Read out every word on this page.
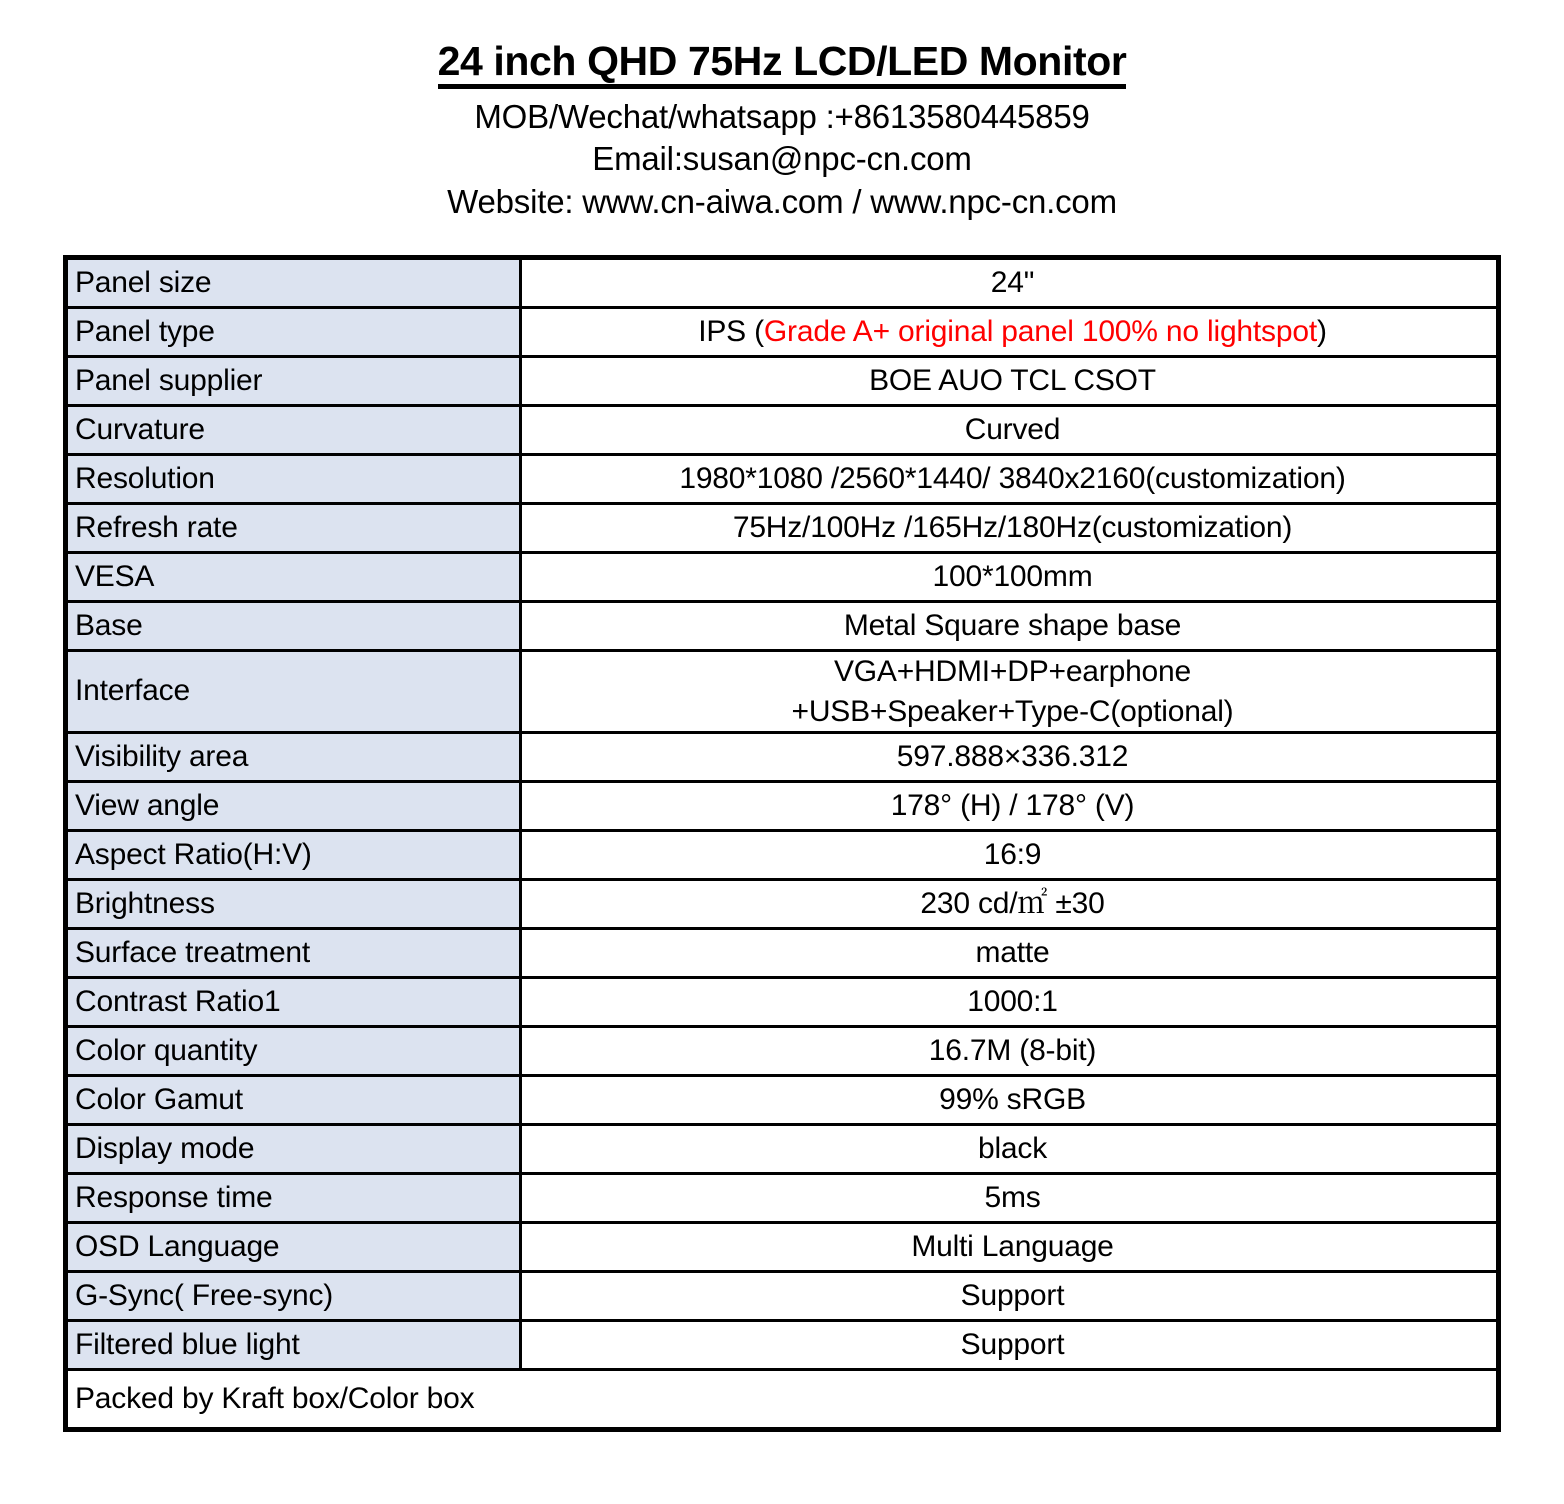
24 inch QHD 75Hz LCD/LED Monitor
MOB/Wechat/whatsapp :+8613580445859
Email:susan@npc-cn.com
Website: www.cn-aiwa.com / www.npc-cn.com
Panel size	24"
Panel type	IPS (Grade A+ original panel 100% no lightspot)
Panel supplier	BOE AUO TCL CSOT
Curvature	Curved
Resolution	1980*1080 /2560*1440/ 3840x2160(customization)
Refresh rate	75Hz/100Hz /165Hz/180Hz(customization)
VESA	100*100mm
Base	Metal Square shape base
Interface	VGA+HDMI+DP+earphone
+USB+Speaker+Type-C(optional)

Visibility area	597.888×336.312
View angle	178° (H) / 178° (V)
Aspect Ratio(H:V)	16:9
Brightness	230 cd/㎡ ±30
Surface treatment	matte
Contrast Ratio1	1000:1
Color quantity	16.7M (8-bit)
Color Gamut	99% sRGB
Display mode	black
Response time	5ms
OSD Language	Multi Language
G-Sync( Free-sync)	Support
Filtered blue light	Support
Packed by Kraft box/Color box	
